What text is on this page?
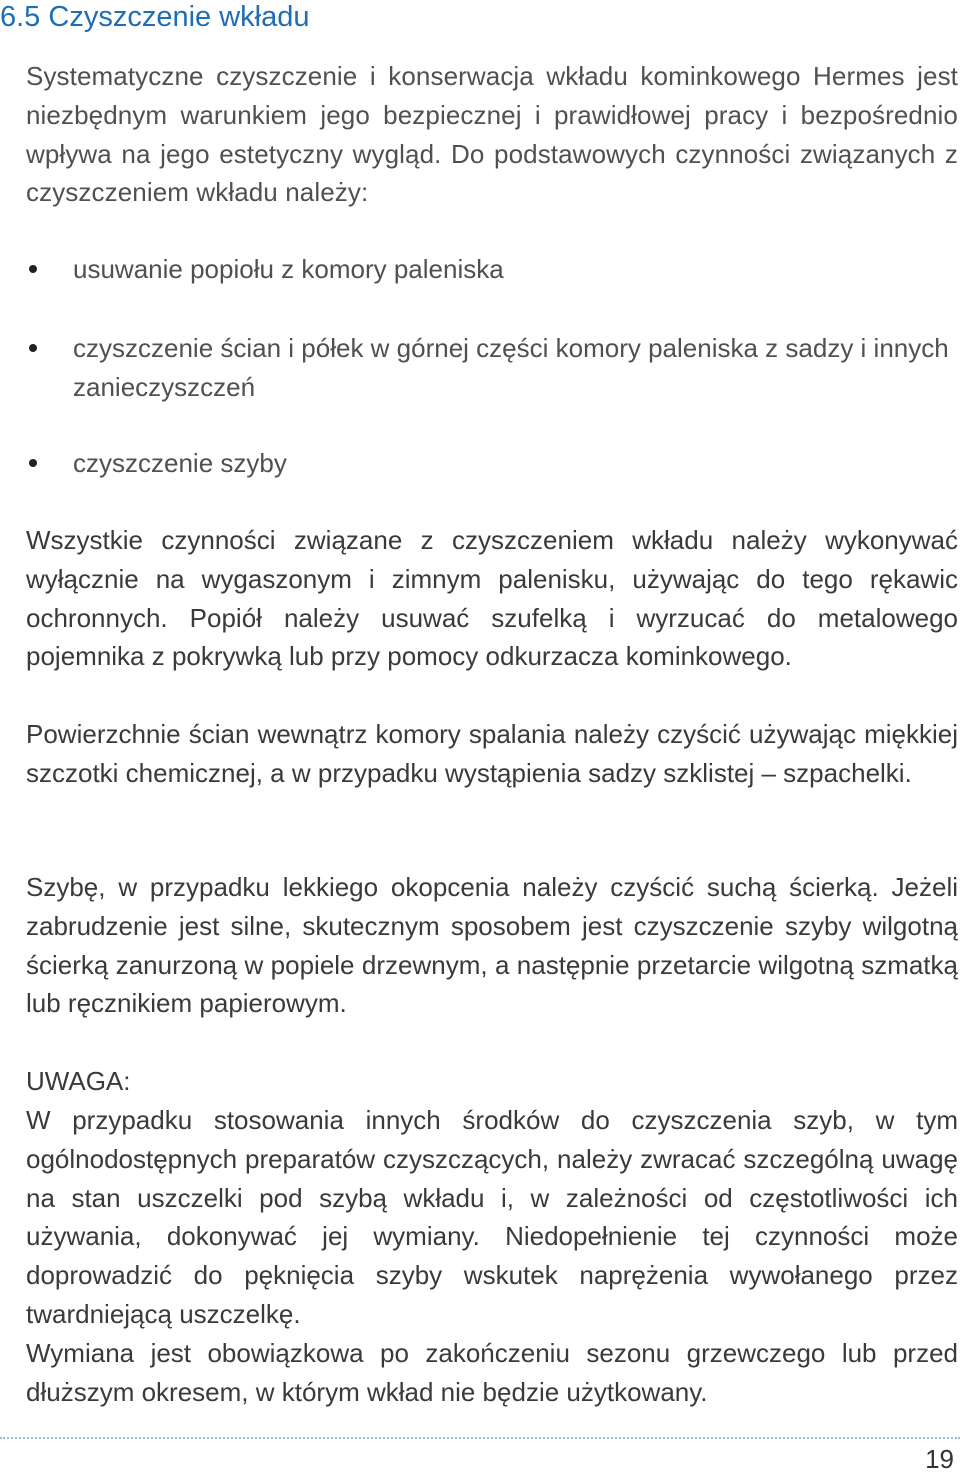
6.5 Czyszczenie wkładu

Systematyczne czyszczenie i konserwacja wkładu kominkowego Hermes jest niezbędnym warunkiem jego bezpiecznej i prawidłowej pracy i bezpośrednio wpływa na jego estetyczny wygląd. Do podstawowych czynności związanych z czyszczeniem wkładu należy:

usuwanie popiołu z komory paleniska
czyszczenie ścian i półek w górnej części komory paleniska z sadzy i innych zanieczyszczeń
czyszczenie szyby

Wszystkie czynności związane z czyszczeniem wkładu należy wykonywać wyłącznie na wygaszonym i zimnym palenisku, używając do tego rękawic ochronnych. Popiół należy usuwać szufelką i wyrzucać do metalowego pojemnika z pokrywką lub przy pomocy odkurzacza kominkowego.

Powierzchnie ścian wewnątrz komory spalania należy czyścić używając miękkiej szczotki chemicznej, a w przypadku wystąpienia sadzy szklistej – szpachelki.

Szybę, w przypadku lekkiego okopcenia należy czyścić suchą ścierką. Jeżeli zabrudzenie jest silne, skutecznym sposobem jest czyszczenie szyby wilgotną ścierką zanurzoną w popiele drzewnym, a następnie przetarcie wilgotną szmatką lub ręcznikiem papierowym.

UWAGA:

W przypadku stosowania innych środków do czyszczenia szyb, w tym ogólnodostępnych preparatów czyszczących, należy zwracać szczególną uwagę na stan uszczelki pod szybą wkładu i, w zależności od częstotliwości ich używania, dokonywać jej wymiany. Niedopełnienie tej czynności może doprowadzić do pęknięcia szyby wskutek naprężenia wywołanego przez twardniejącą uszczelkę.

Wymiana jest obowiązkowa po zakończeniu sezonu grzewczego lub przed dłuższym okresem, w którym wkład nie będzie użytkowany.

19
